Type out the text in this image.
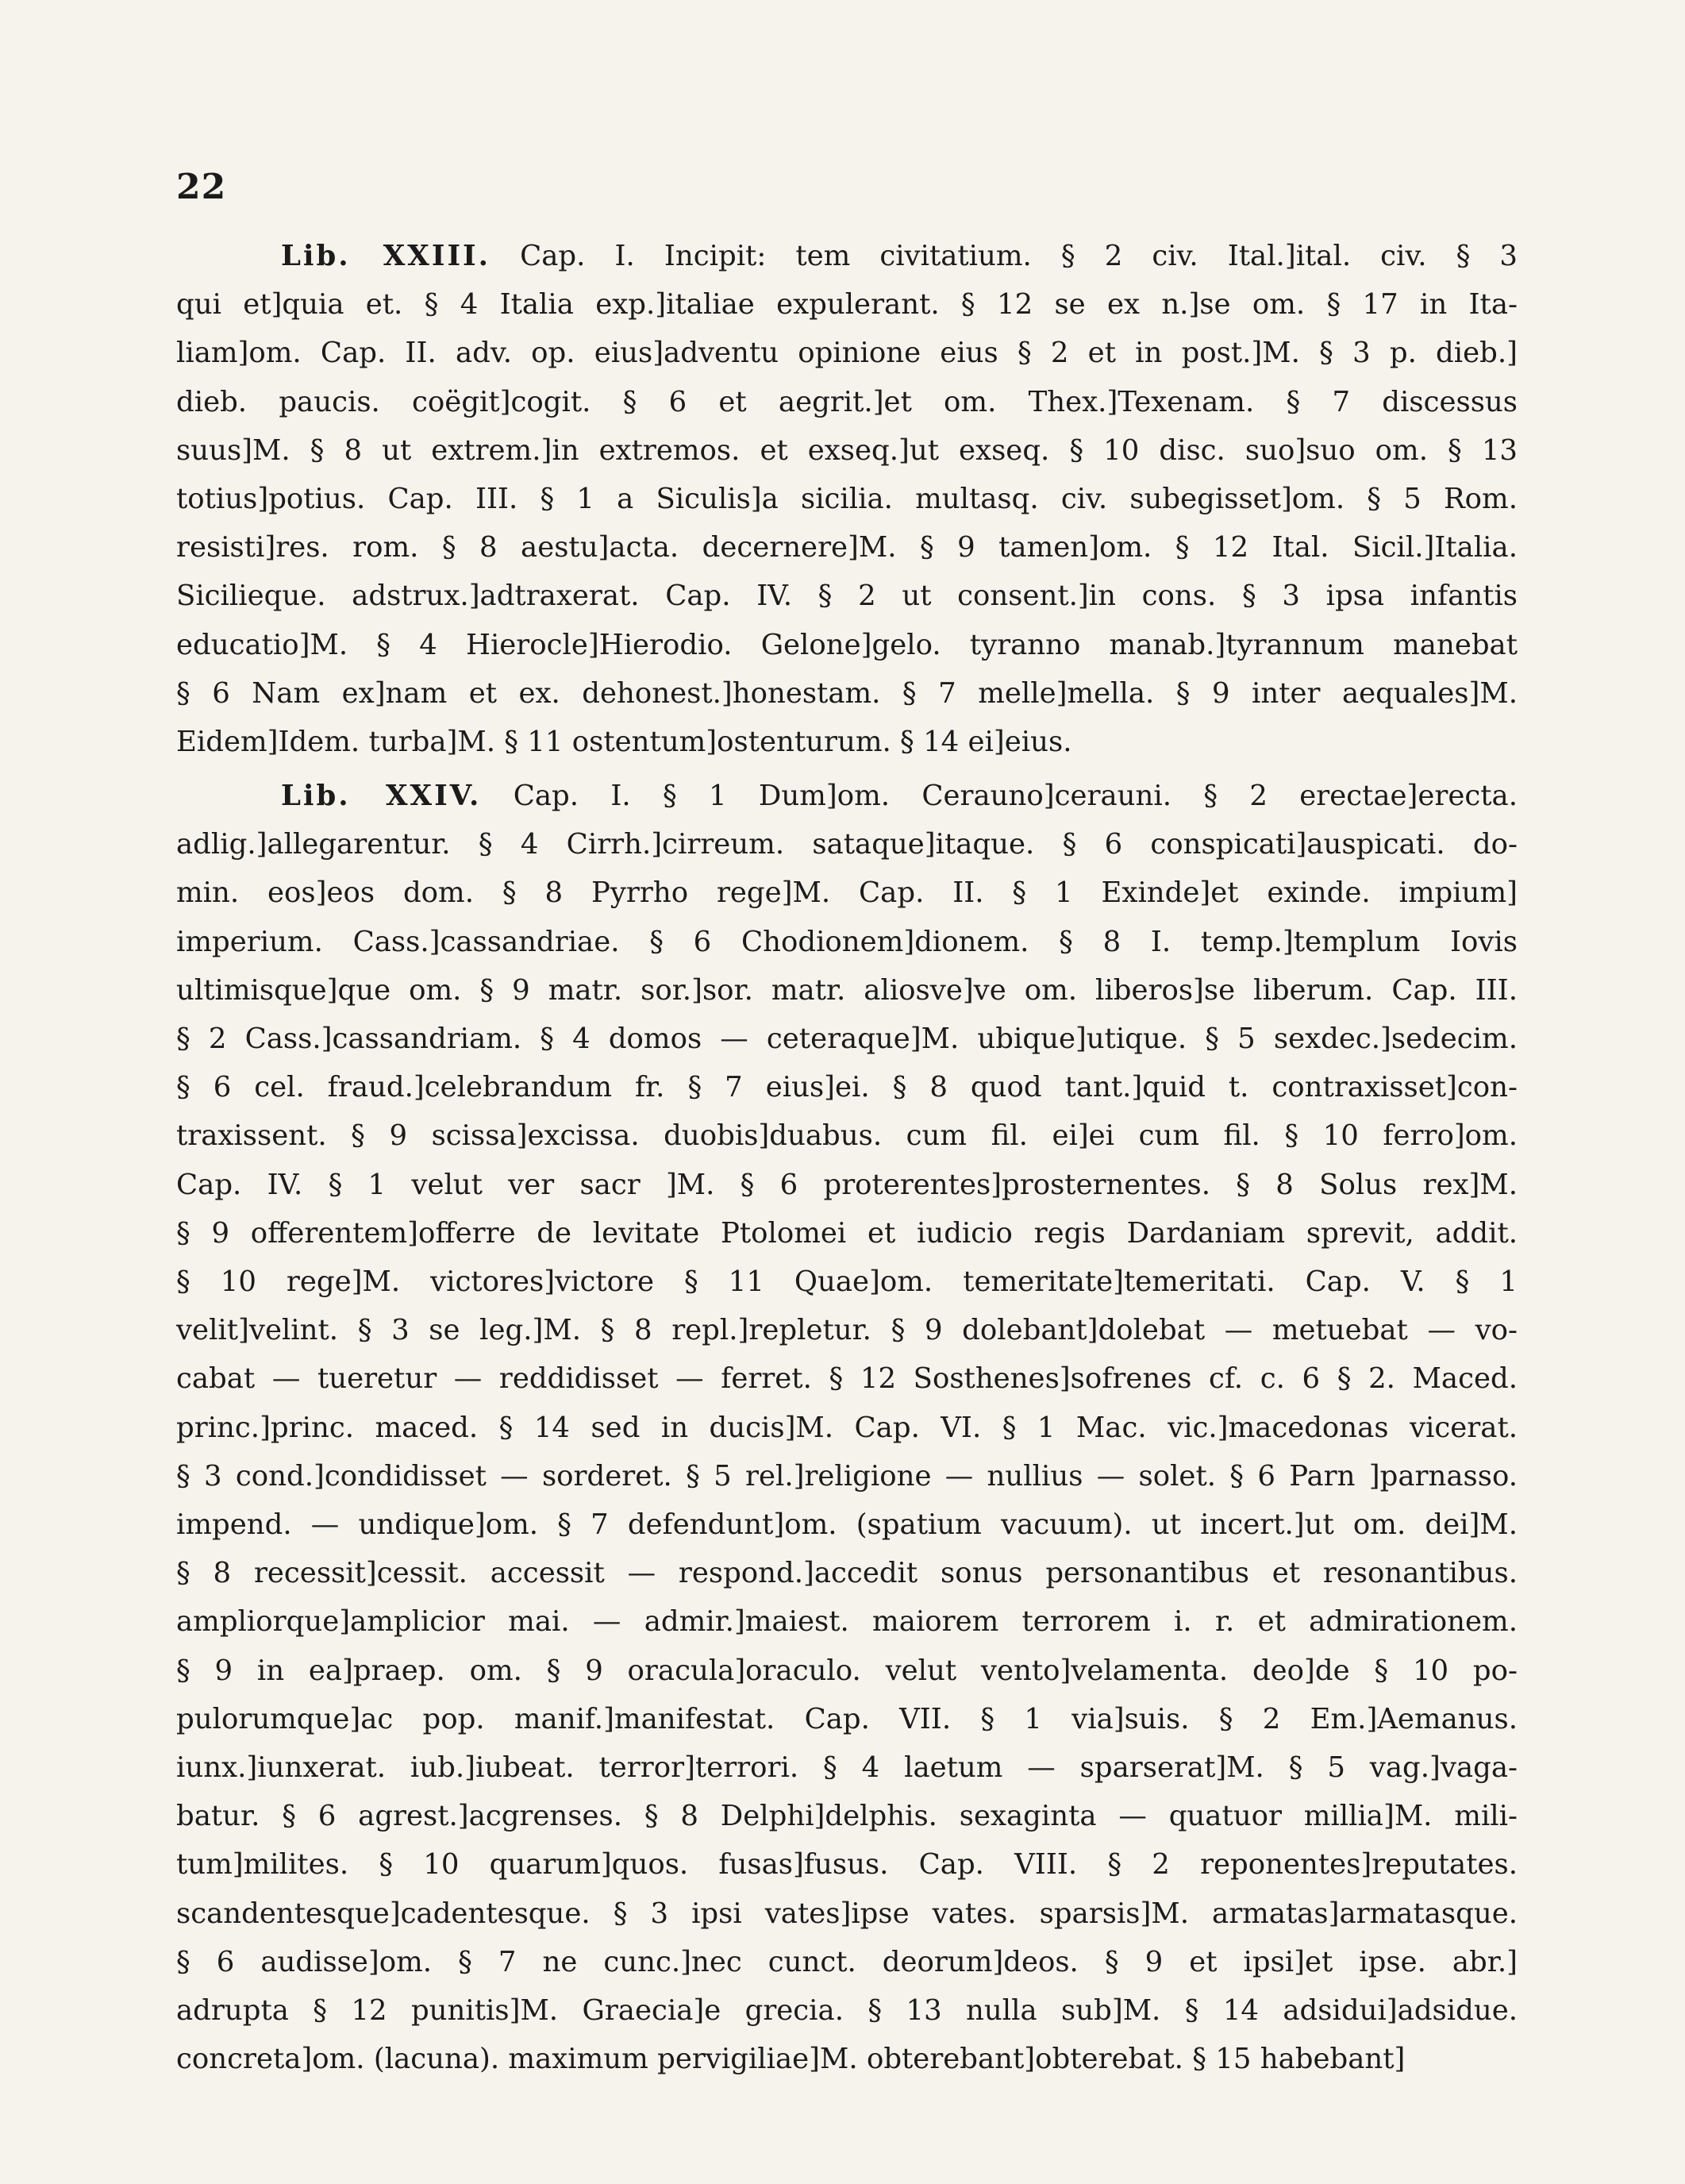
22
Lib. XXIII. Cap. I. Incipit: tem civitatium. § 2 civ. Ital.]ital. civ. § 3
qui et]quia et. § 4 Italia exp.]italiae expulerant. § 12 se ex n.]se om. § 17 in Ita-
liam]om. Cap. II. adv. op. eius]adventu opinione eius § 2 et in post.]M. § 3 p. dieb.]
dieb. paucis. coëgit]cogit. § 6 et aegrit.]et om. Thex.]Texenam. § 7 discessus
suus]M. § 8 ut extrem.]in extremos. et exseq.]ut exseq. § 10 disc. suo]suo om. § 13
totius]potius. Cap. III. § 1 a Siculis]a sicilia. multasq. civ. subegisset]om. § 5 Rom.
resisti]res. rom. § 8 aestu]acta. decernere]M. § 9 tamen]om. § 12 Ital. Sicil.]Italia.
Sicilieque. adstrux.]adtraxerat. Cap. IV. § 2 ut consent.]in cons. § 3 ipsa infantis
educatio]M. § 4 Hierocle]Hierodio. Gelone]gelo. tyranno manab.]tyrannum manebat
§ 6 Nam ex]nam et ex. dehonest.]honestam. § 7 melle]mella. § 9 inter aequales]M.
Eidem]Idem. turba]M. § 11 ostentum]ostenturum. § 14 ei]eius.
Lib. XXIV. Cap. I. § 1 Dum]om. Cerauno]cerauni. § 2 erectae]erecta.
adlig.]allegarentur. § 4 Cirrh.]cirreum. sataque]itaque. § 6 conspicati]auspicati. do-
min. eos]eos dom. § 8 Pyrrho rege]M. Cap. II. § 1 Exinde]et exinde. impium]
imperium. Cass.]cassandriae. § 6 Chodionem]dionem. § 8 I. temp.]templum Iovis
ultimisque]que om. § 9 matr. sor.]sor. matr. aliosve]ve om. liberos]se liberum. Cap. III.
§ 2 Cass.]cassandriam. § 4 domos — ceteraque]M. ubique]utique. § 5 sexdec.]sedecim.
§ 6 cel. fraud.]celebrandum fr. § 7 eius]ei. § 8 quod tant.]quid t. contraxisset]con-
traxissent. § 9 scissa]excissa. duobis]duabus. cum fil. ei]ei cum fil. § 10 ferro]om.
Cap. IV. § 1 velut ver sacr ]M. § 6 proterentes]prosternentes. § 8 Solus rex]M.
§ 9 offerentem]offerre de levitate Ptolomei et iudicio regis Dardaniam sprevit, addit.
§ 10 rege]M. victores]victore § 11 Quae]om. temeritate]temeritati. Cap. V. § 1
velit]velint. § 3 se leg.]M. § 8 repl.]repletur. § 9 dolebant]dolebat — metuebat — vo-
cabat — tueretur — reddidisset — ferret. § 12 Sosthenes]sofrenes cf. c. 6 § 2. Maced.
princ.]princ. maced. § 14 sed in ducis]M. Cap. VI. § 1 Mac. vic.]macedonas vicerat.
§ 3 cond.]condidisset — sorderet. § 5 rel.]religione — nullius — solet. § 6 Parn ]parnasso.
impend. — undique]om. § 7 defendunt]om. (spatium vacuum). ut incert.]ut om. dei]M.
§ 8 recessit]cessit. accessit — respond.]accedit sonus personantibus et resonantibus.
ampliorque]amplicior mai. — admir.]maiest. maiorem terrorem i. r. et admirationem.
§ 9 in ea]praep. om. § 9 oracula]oraculo. velut vento]velamenta. deo]de § 10 po-
pulorumque]ac pop. manif.]manifestat. Cap. VII. § 1 via]suis. § 2 Em.]Aemanus.
iunx.]iunxerat. iub.]iubeat. terror]terrori. § 4 laetum — sparserat]M. § 5 vag.]vaga-
batur. § 6 agrest.]acgrenses. § 8 Delphi]delphis. sexaginta — quatuor millia]M. mili-
tum]milites. § 10 quarum]quos. fusas]fusus. Cap. VIII. § 2 reponentes]reputates.
scandentesque]cadentesque. § 3 ipsi vates]ipse vates. sparsis]M. armatas]armatasque.
§ 6 audisse]om. § 7 ne cunc.]nec cunct. deorum]deos. § 9 et ipsi]et ipse. abr.]
adrupta § 12 punitis]M. Graecia]e grecia. § 13 nulla sub]M. § 14 adsidui]adsidue.
concreta]om. (lacuna). maximum pervigiliae]M. obterebant]obterebat. § 15 habebant]
